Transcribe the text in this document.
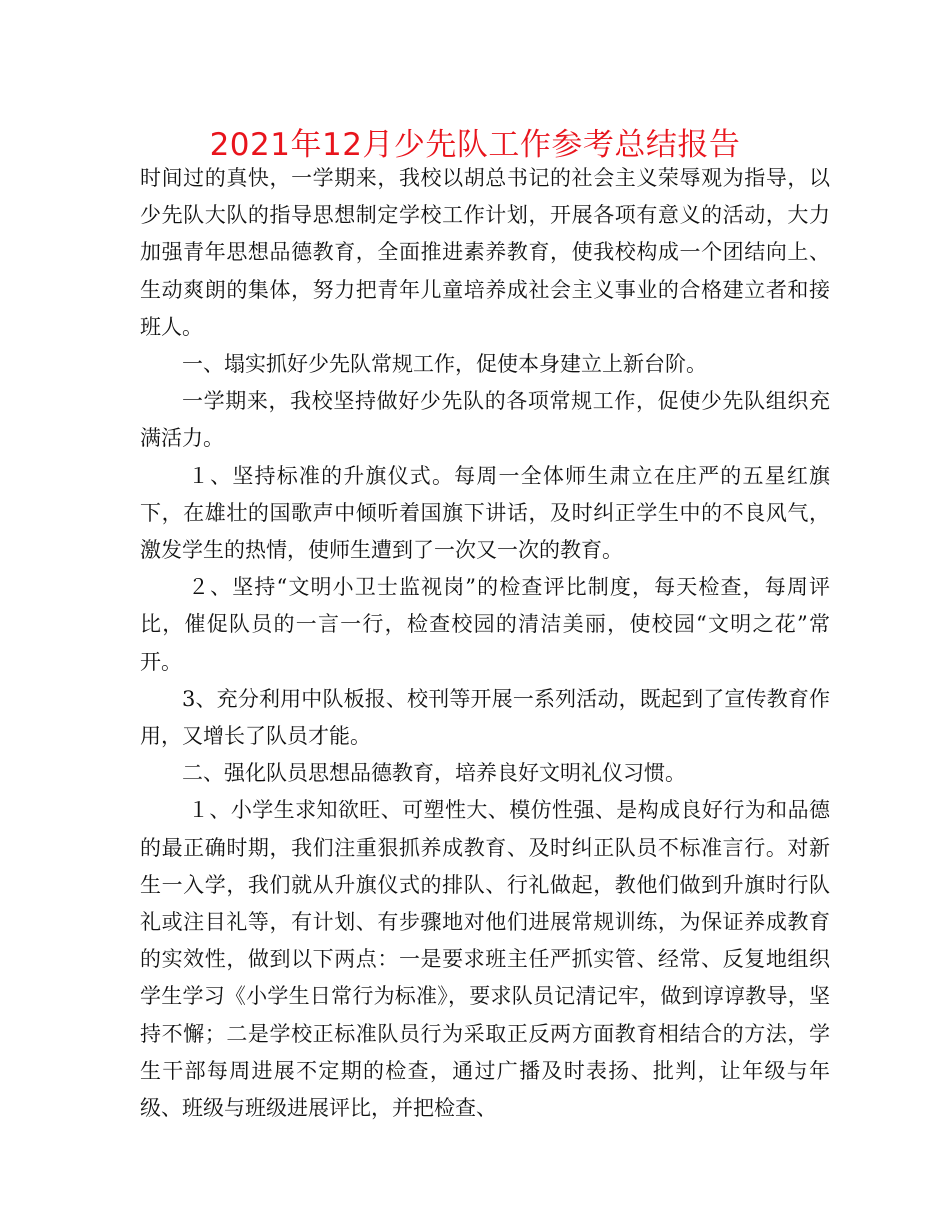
2021年12月少先队工作参考总结报告

时间过的真快，一学期来，我校以胡总书记的社会主义荣辱观为指导，以少先队大队的指导思想制定学校工作计划，开展各项有意义的活动，大力加强青年思想品德教育，全面推进素养教育，使我校构成一个团结向上、生动爽朗的集体，努力把青年儿童培养成社会主义事业的合格建立者和接班人。

一、塌实抓好少先队常规工作，促使本身建立上新台阶。

一学期来，我校坚持做好少先队的各项常规工作，促使少先队组织充满活力。

１、坚持标准的升旗仪式。每周一全体师生肃立在庄严的五星红旗下，在雄壮的国歌声中倾听着国旗下讲话，及时纠正学生中的不良风气，激发学生的热情，使师生遭到了一次又一次的教育。

２、坚持“文明小卫士监视岗”的检查评比制度，每天检查，每周评比，催促队员的一言一行，检查校园的清洁美丽，使校园“文明之花”常开。

3、充分利用中队板报、校刊等开展一系列活动，既起到了宣传教育作用，又增长了队员才能。

二、强化队员思想品德教育，培养良好文明礼仪习惯。

１、小学生求知欲旺、可塑性大、模仿性强、是构成良好行为和品德的最正确时期，我们注重狠抓养成教育、及时纠正队员不标准言行。对新生一入学，我们就从升旗仪式的排队、行礼做起，教他们做到升旗时行队礼或注目礼等，有计划、有步骤地对他们进展常规训练，为保证养成教育的实效性，做到以下两点：一是要求班主任严抓实管、经常、反复地组织学生学习《小学生日常行为标准》，要求队员记清记牢，做到谆谆教导，坚持不懈；二是学校正标准队员行为采取正反两方面教育相结合的方法，学生干部每周进展不定期的检查，通过广播及时表扬、批判，让年级与年级、班级与班级进展评比，并把检查、
